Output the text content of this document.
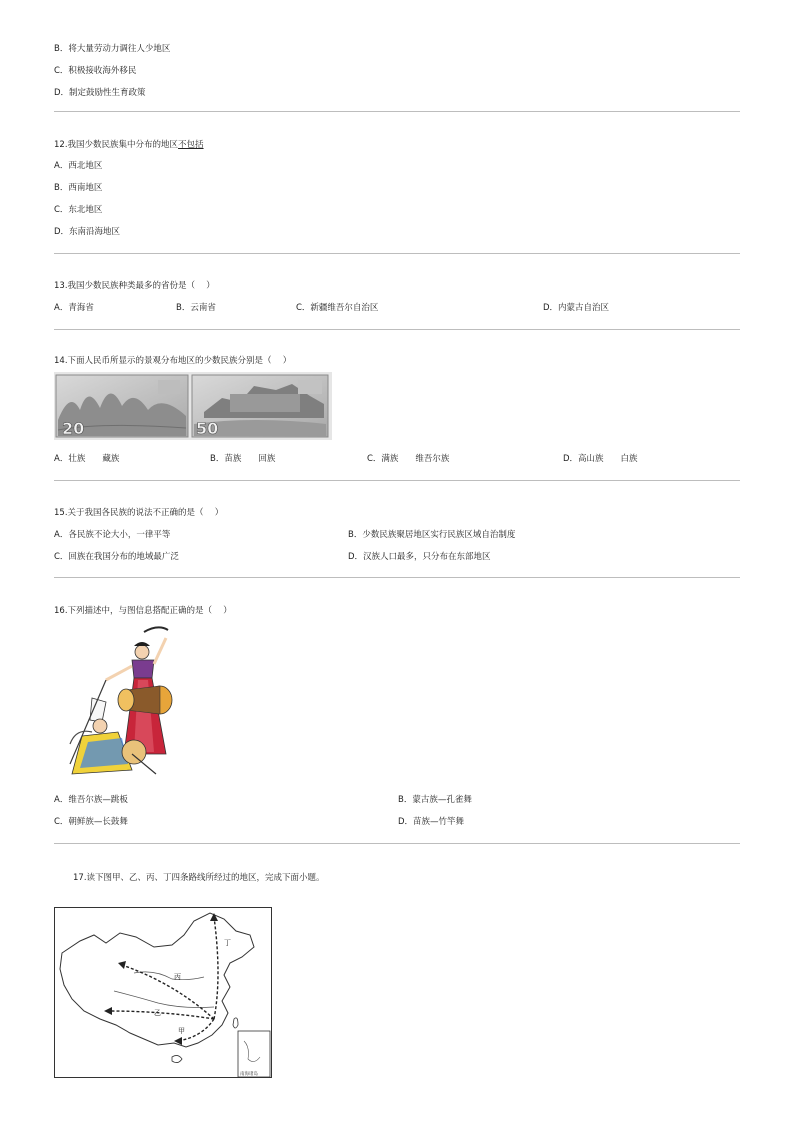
B．将大量劳动力调往人少地区
C．积极接收海外移民
D．制定鼓励性生育政策
12.我国少数民族集中分布的地区不包括
A．西北地区
B．西南地区
C．东北地区
D．东南沿海地区
13.我国少数民族种类最多的省份是（　 ）
A．青海省	B．云南省	C．新疆维吾尔自治区	D．内蒙古自治区
14.下面人民币所显示的景观分布地区的少数民族分别是（　 ）
20	50
A．壮族　　藏族	B．苗族　　回族	C．满族　　维吾尔族	D．高山族　　白族
15.关于我国各民族的说法不正确的是（　 ）
A．各民族不论大小，一律平等	B．少数民族聚居地区实行民族区域自治制度
C．回族在我国分布的地域最广泛	D．汉族人口最多，只分布在东部地区
16.下列描述中，与图信息搭配正确的是（　 ）
A．维吾尔族—跳板	B．蒙古族—孔雀舞
C．朝鲜族—长鼓舞	D．苗族—竹竿舞
17.读下图甲、乙、丙、丁四条路线所经过的地区，完成下面小题。
南海诸岛
丁
丙
乙
甲
